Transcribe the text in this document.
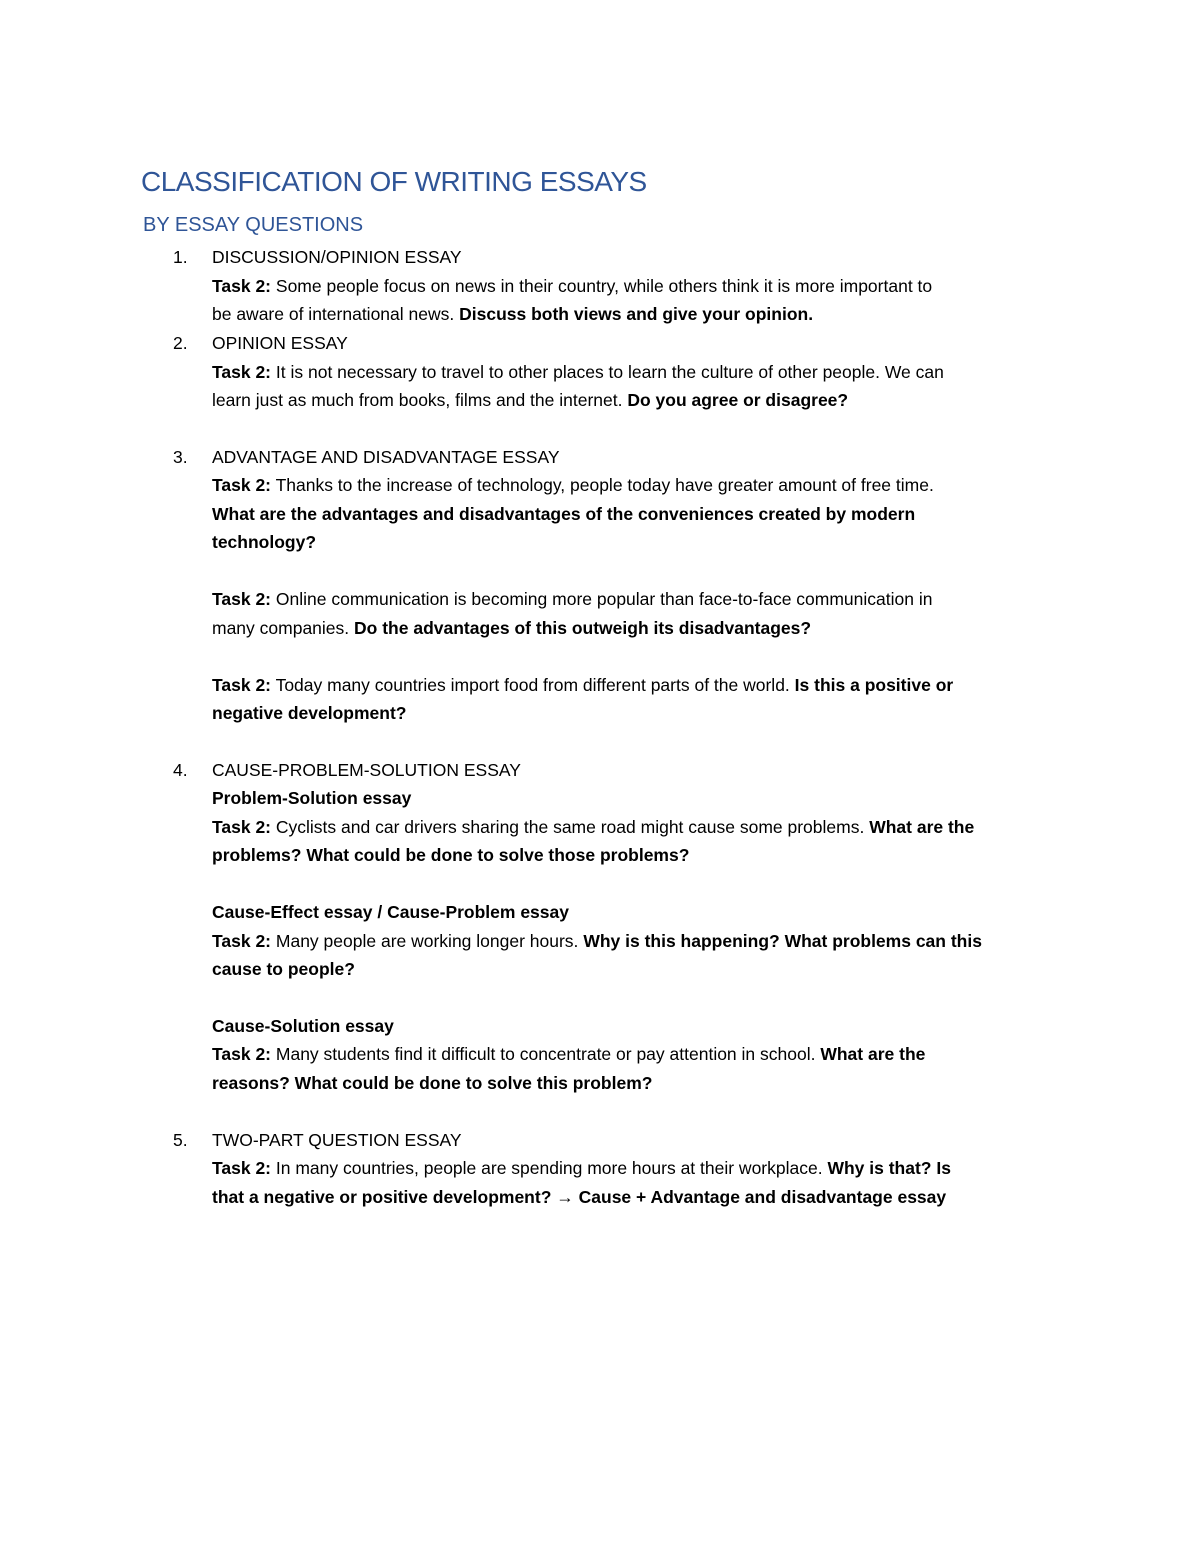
CLASSIFICATION OF WRITING ESSAYS
BY ESSAY QUESTIONS
1. DISCUSSION/OPINION ESSAY
Task 2: Some people focus on news in their country, while others think it is more important to
be aware of international news. Discuss both views and give your opinion.
2. OPINION ESSAY
Task 2: It is not necessary to travel to other places to learn the culture of other people. We can
learn just as much from books, films and the internet. Do you agree or disagree?
3. ADVANTAGE AND DISADVANTAGE ESSAY
Task 2: Thanks to the increase of technology, people today have greater amount of free time.
What are the advantages and disadvantages of the conveniences created by modern
technology?
Task 2: Online communication is becoming more popular than face-to-face communication in
many companies. Do the advantages of this outweigh its disadvantages?
Task 2: Today many countries import food from different parts of the world. Is this a positive or
negative development?
4. CAUSE-PROBLEM-SOLUTION ESSAY
Problem-Solution essay
Task 2: Cyclists and car drivers sharing the same road might cause some problems. What are the
problems? What could be done to solve those problems?
Cause-Effect essay / Cause-Problem essay
Task 2: Many people are working longer hours. Why is this happening? What problems can this
cause to people?
Cause-Solution essay
Task 2: Many students find it difficult to concentrate or pay attention in school. What are the
reasons? What could be done to solve this problem?
5. TWO-PART QUESTION ESSAY
Task 2: In many countries, people are spending more hours at their workplace. Why is that? Is
that a negative or positive development? → Cause + Advantage and disadvantage essay
